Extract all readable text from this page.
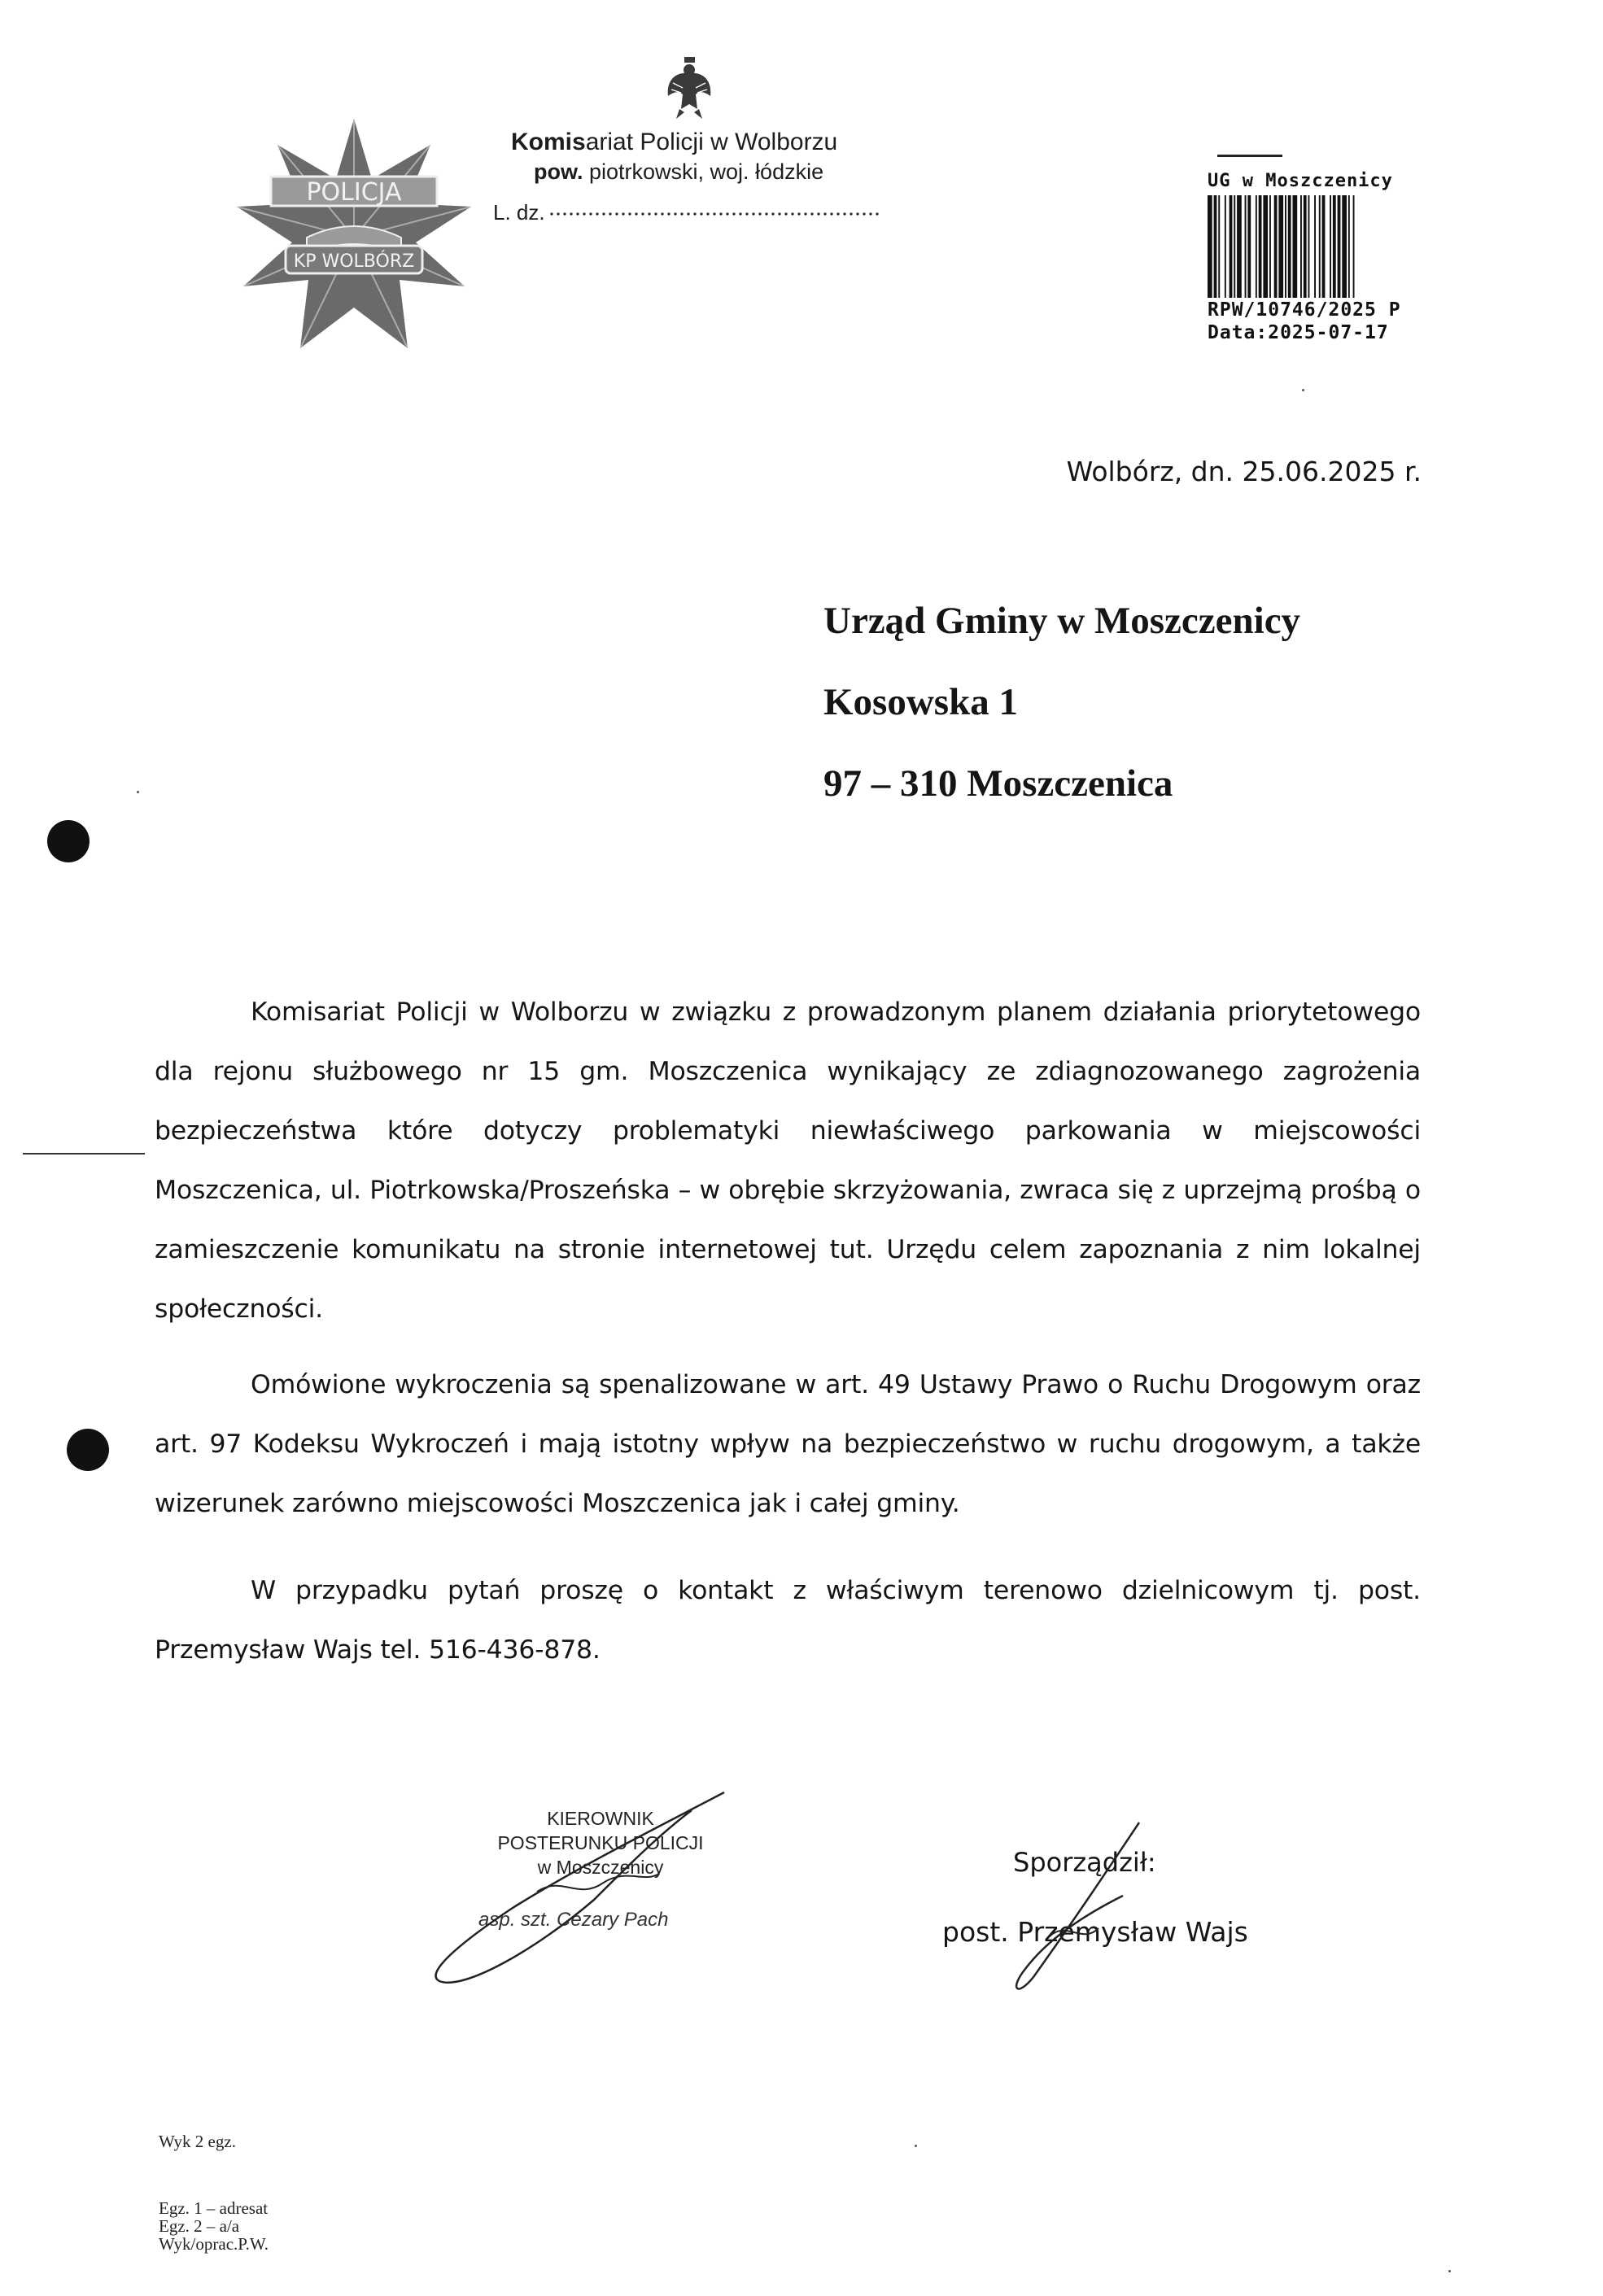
POLICJA
KP WOLBÓRZ
Komisariat Policji w Wolborzu
pow. piotrkowski, woj. łódzkie
L. dz.
UG w Moszczenicy
RPW/10746/2025 P
Data:2025-07-17
Wolbórz, dn. 25.06.2025 r.
Urząd Gminy w Moszczenicy
Kosowska 1
97 – 310 Moszczenica
Komisariat Policji w Wolborzu w związku z prowadzonym planem działania priorytetowego dla rejonu służbowego nr 15 gm. Moszczenica wynikający ze zdiagnozowanego zagrożenia bezpieczeństwa które dotyczy problematyki niewłaściwego parkowania w miejscowości Moszczenica, ul. Piotrkowska/Proszeńska – w obrębie skrzyżowania, zwraca się z uprzejmą prośbą o zamieszczenie komunikatu na stronie internetowej tut. Urzędu celem zapoznania z nim lokalnej społeczności.
Omówione wykroczenia są spenalizowane w art. 49 Ustawy Prawo o Ruchu Drogowym oraz art. 97 Kodeksu Wykroczeń i mają istotny wpływ na bezpieczeństwo w ruchu drogowym, a także wizerunek zarówno miejscowości Moszczenica jak i całej gminy.
W przypadku pytań proszę o kontakt z właściwym terenowo dzielnicowym tj. post. Przemysław Wajs tel. 516-436-878.
KIEROWNIK
POSTERUNKU POLICJI
w Moszczenicy
asp. szt. Cezary Pach
Sporządził:
post. Przemysław Wajs
Wyk 2 egz.
Egz. 1 – adresat
Egz. 2 – a/a
Wyk/oprac.P.W.
